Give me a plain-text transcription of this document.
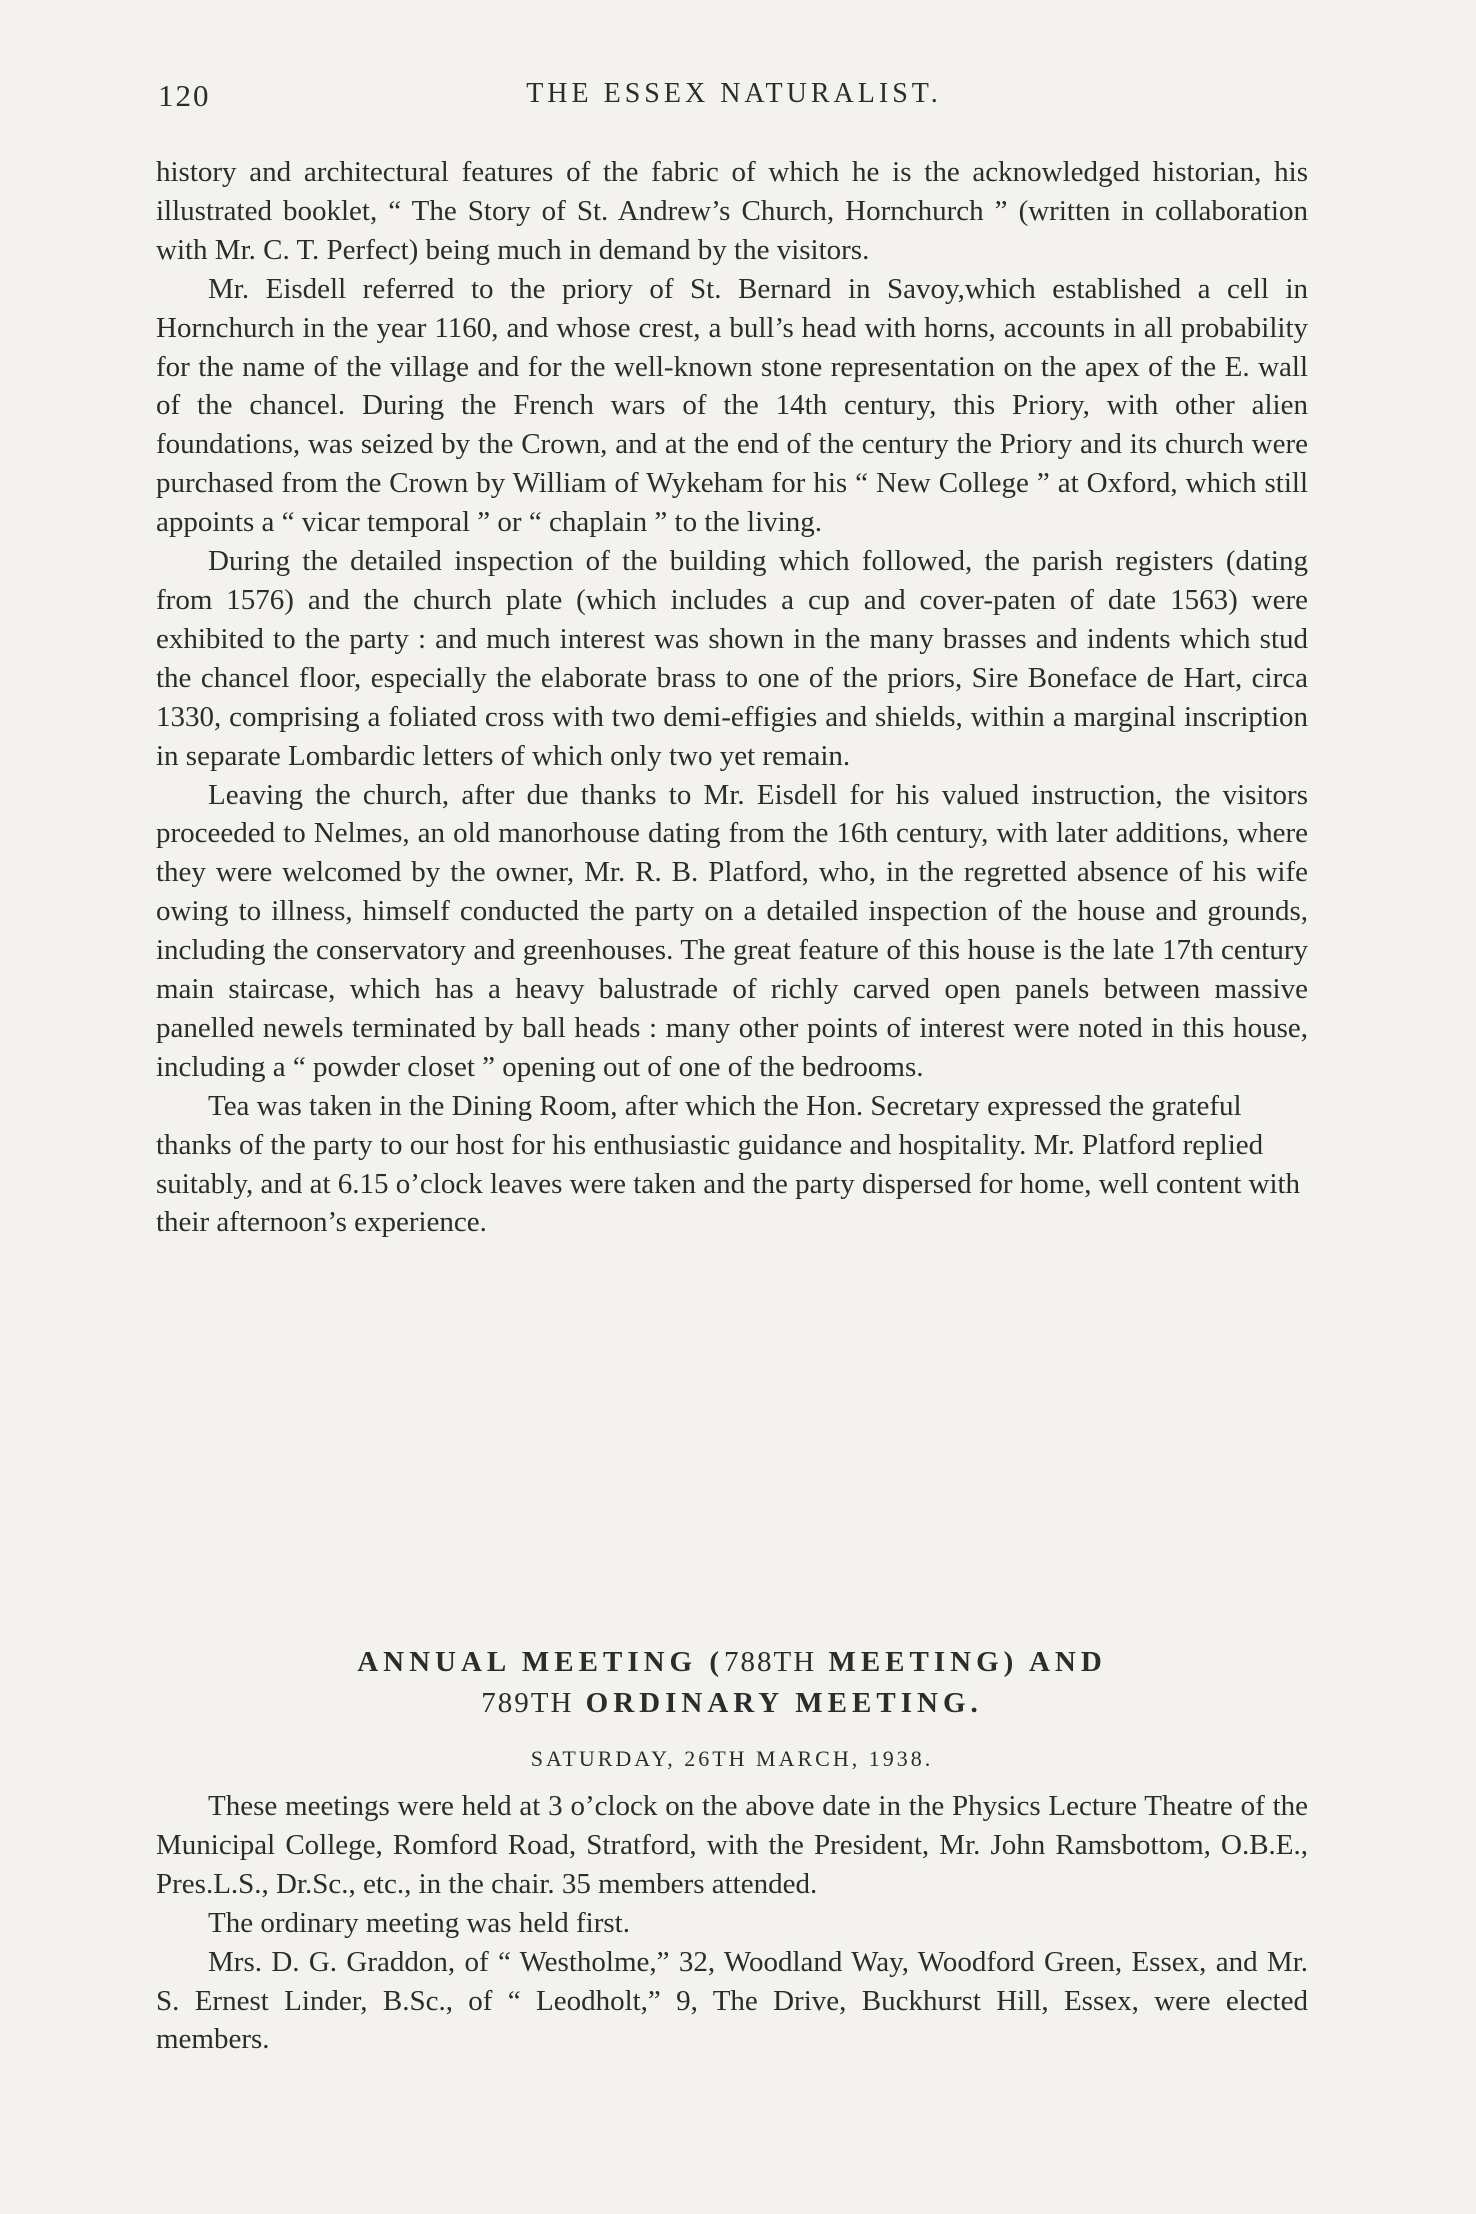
120	THE ESSEX NATURALIST.

history and architectural features of the fabric of which he is the acknowledged historian, his illustrated booklet, “ The Story of St. Andrew’s Church, Hornchurch ” (written in collaboration with Mr. C. T. Perfect) being much in demand by the visitors.

Mr. Eisdell referred to the priory of St. Bernard in Savoy,which established a cell in Hornchurch in the year 1160, and whose crest, a bull’s head with horns, accounts in all probability for the name of the village and for the well-known stone representation on the apex of the E. wall of the chancel. During the French wars of the 14th century, this Priory, with other alien foundations, was seized by the Crown, and at the end of the century the Priory and its church were purchased from the Crown by William of Wykeham for his “ New College ” at Oxford, which still appoints a “ vicar temporal ” or “ chaplain ” to the living.

During the detailed inspection of the building which followed, the parish registers (dating from 1576) and the church plate (which includes a cup and cover-paten of date 1563) were exhibited to the party : and much interest was shown in the many brasses and indents which stud the chancel floor, especially the elaborate brass to one of the priors, Sire Boneface de Hart, circa 1330, comprising a foliated cross with two demi-effigies and shields, within a marginal inscription in separate Lombardic letters of which only two yet remain.

Leaving the church, after due thanks to Mr. Eisdell for his valued instruction, the visitors proceeded to Nelmes, an old manorhouse dating from the 16th century, with later additions, where they were welcomed by the owner, Mr. R. B. Platford, who, in the regretted absence of his wife owing to illness, himself conducted the party on a detailed inspection of the house and grounds, including the conservatory and greenhouses. The great feature of this house is the late 17th century main staircase, which has a heavy balustrade of richly carved open panels between massive panelled newels terminated by ball heads : many other points of interest were noted in this house, including a “ powder closet ” opening out of one of the bedrooms.

Tea was taken in the Dining Room, after which the Hon. Secretary expressed the grateful thanks of the party to our host for his enthusiastic guidance and hospitality. Mr. Platford replied suitably, and at 6.15 o’clock leaves were taken and the party dispersed for home, well content with their afternoon’s experience.

ANNUAL MEETING (788TH MEETING) AND
789TH ORDINARY MEETING.
SATURDAY, 26TH MARCH, 1938.

These meetings were held at 3 o’clock on the above date in the Physics Lecture Theatre of the Municipal College, Romford Road, Stratford, with the President, Mr. John Ramsbottom, O.B.E., Pres.L.S., Dr.Sc., etc., in the chair. 35 members attended.

The ordinary meeting was held first.

Mrs. D. G. Graddon, of “ Westholme,” 32, Woodland Way, Woodford Green, Essex, and Mr. S. Ernest Linder, B.Sc., of “ Leodholt,” 9, The Drive, Buckhurst Hill, Essex, were elected members.
